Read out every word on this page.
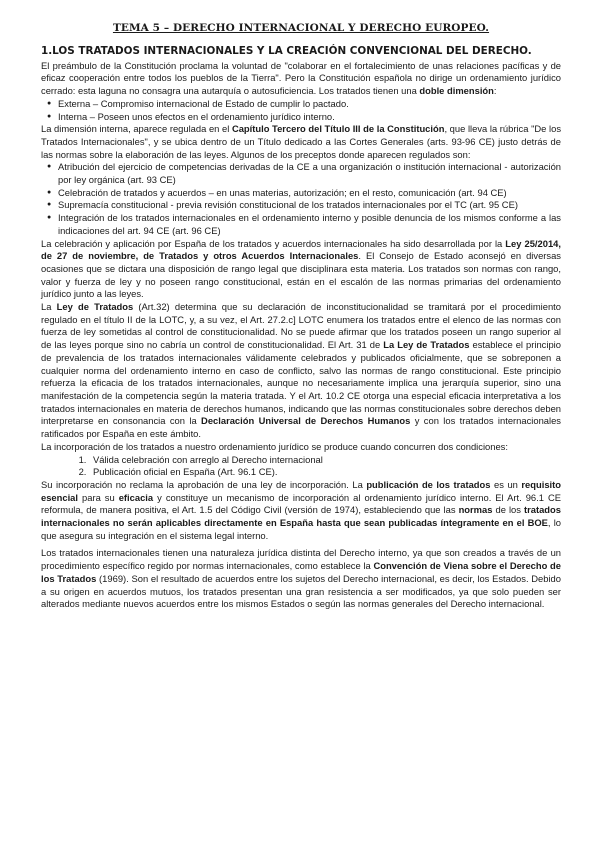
TEMA 5 – DERECHO INTERNACIONAL Y DERECHO EUROPEO.
1.LOS TRATADOS INTERNACIONALES Y LA CREACIÓN CONVENCIONAL DEL DERECHO.

El preámbulo de la Constitución proclama la voluntad de "colaborar en el fortalecimiento de unas relaciones pacíficas y de eficaz cooperación entre todos los pueblos de la Tierra". Pero la Constitución española no dirige un ordenamiento jurídico cerrado: esta laguna no consagra una autarquía o autosuficiencia. Los tratados tienen una doble dimensión:

● Externa – Compromiso internacional de Estado de cumplir lo pactado.
● Interna – Poseen unos efectos en el ordenamiento jurídico interno.

La dimensión interna, aparece regulada en el Capítulo Tercero del Título III de la Constitución, que lleva la rúbrica "De los Tratados Internacionales", y se ubica dentro de un Título dedicado a las Cortes Generales (arts. 93-96 CE) justo detrás de las normas sobre la elaboración de las leyes. Algunos de los preceptos donde aparecen regulados son:

● Atribución del ejercicio de competencias derivadas de la CE a una organización o institución internacional - autorización por ley orgánica (art. 93 CE)
● Celebración de tratados y acuerdos – en unas materias, autorización; en el resto, comunicación (art. 94 CE)
● Supremacía constitucional - previa revisión constitucional de los tratados internacionales por el TC (art. 95 CE)
● Integración de los tratados internacionales en el ordenamiento interno y posible denuncia de los mismos conforme a las indicaciones del art. 94 CE (art. 96 CE)

La celebración y aplicación por España de los tratados y acuerdos internacionales ha sido desarrollada por la Ley 25/2014, de 27 de noviembre, de Tratados y otros Acuerdos Internacionales. El Consejo de Estado aconsejó en diversas ocasiones que se dictara una disposición de rango legal que disciplinara esta materia. Los tratados son normas con rango, valor y fuerza de ley y no poseen rango constitucional, están en el escalón de las normas primarias del ordenamiento jurídico junto a las leyes.

La Ley de Tratados (Art.32) determina que su declaración de inconstitucionalidad se tramitará por el procedimiento regulado en el título II de la LOTC, y, a su vez, el Art. 27.2.c] LOTC enumera los tratados entre el elenco de las normas con fuerza de ley sometidas al control de constitucionalidad. No se puede afirmar que los tratados poseen un rango superior al de las leyes porque sino no cabría un control de constitucionalidad. El Art. 31 de La Ley de Tratados establece el principio de prevalencia de los tratados internacionales válidamente celebrados y publicados oficialmente, que se sobreponen a cualquier norma del ordenamiento interno en caso de conflicto, salvo las normas de rango constitucional. Este principio refuerza la eficacia de los tratados internacionales, aunque no necesariamente implica una jerarquía superior, sino una manifestación de la competencia según la materia tratada. Y el Art. 10.2 CE otorga una especial eficacia interpretativa a los tratados internacionales en materia de derechos humanos, indicando que las normas constitucionales sobre derechos deben interpretarse en consonancia con la Declaración Universal de Derechos Humanos y con los tratados internacionales ratificados por España en este ámbito.

La incorporación de los tratados a nuestro ordenamiento jurídico se produce cuando concurren dos condiciones:

1. Válida celebración con arreglo al Derecho internacional
2. Publicación oficial en España (Art. 96.1 CE).

Su incorporación no reclama la aprobación de una ley de incorporación. La publicación de los tratados es un requisito esencial para su eficacia y constituye un mecanismo de incorporación al ordenamiento jurídico interno. El Art. 96.1 CE reformula, de manera positiva, el Art. 1.5 del Código Civil (versión de 1974), estableciendo que las normas de los tratados internacionales no serán aplicables directamente en España hasta que sean publicadas íntegramente en el BOE, lo que asegura su integración en el sistema legal interno.

Los tratados internacionales tienen una naturaleza jurídica distinta del Derecho interno, ya que son creados a través de un procedimiento específico regido por normas internacionales, como establece la Convención de Viena sobre el Derecho de los Tratados (1969). Son el resultado de acuerdos entre los sujetos del Derecho internacional, es decir, los Estados. Debido a su origen en acuerdos mutuos, los tratados presentan una gran resistencia a ser modificados, ya que solo pueden ser alterados mediante nuevos acuerdos entre los mismos Estados o según las normas generales del Derecho internacional.
